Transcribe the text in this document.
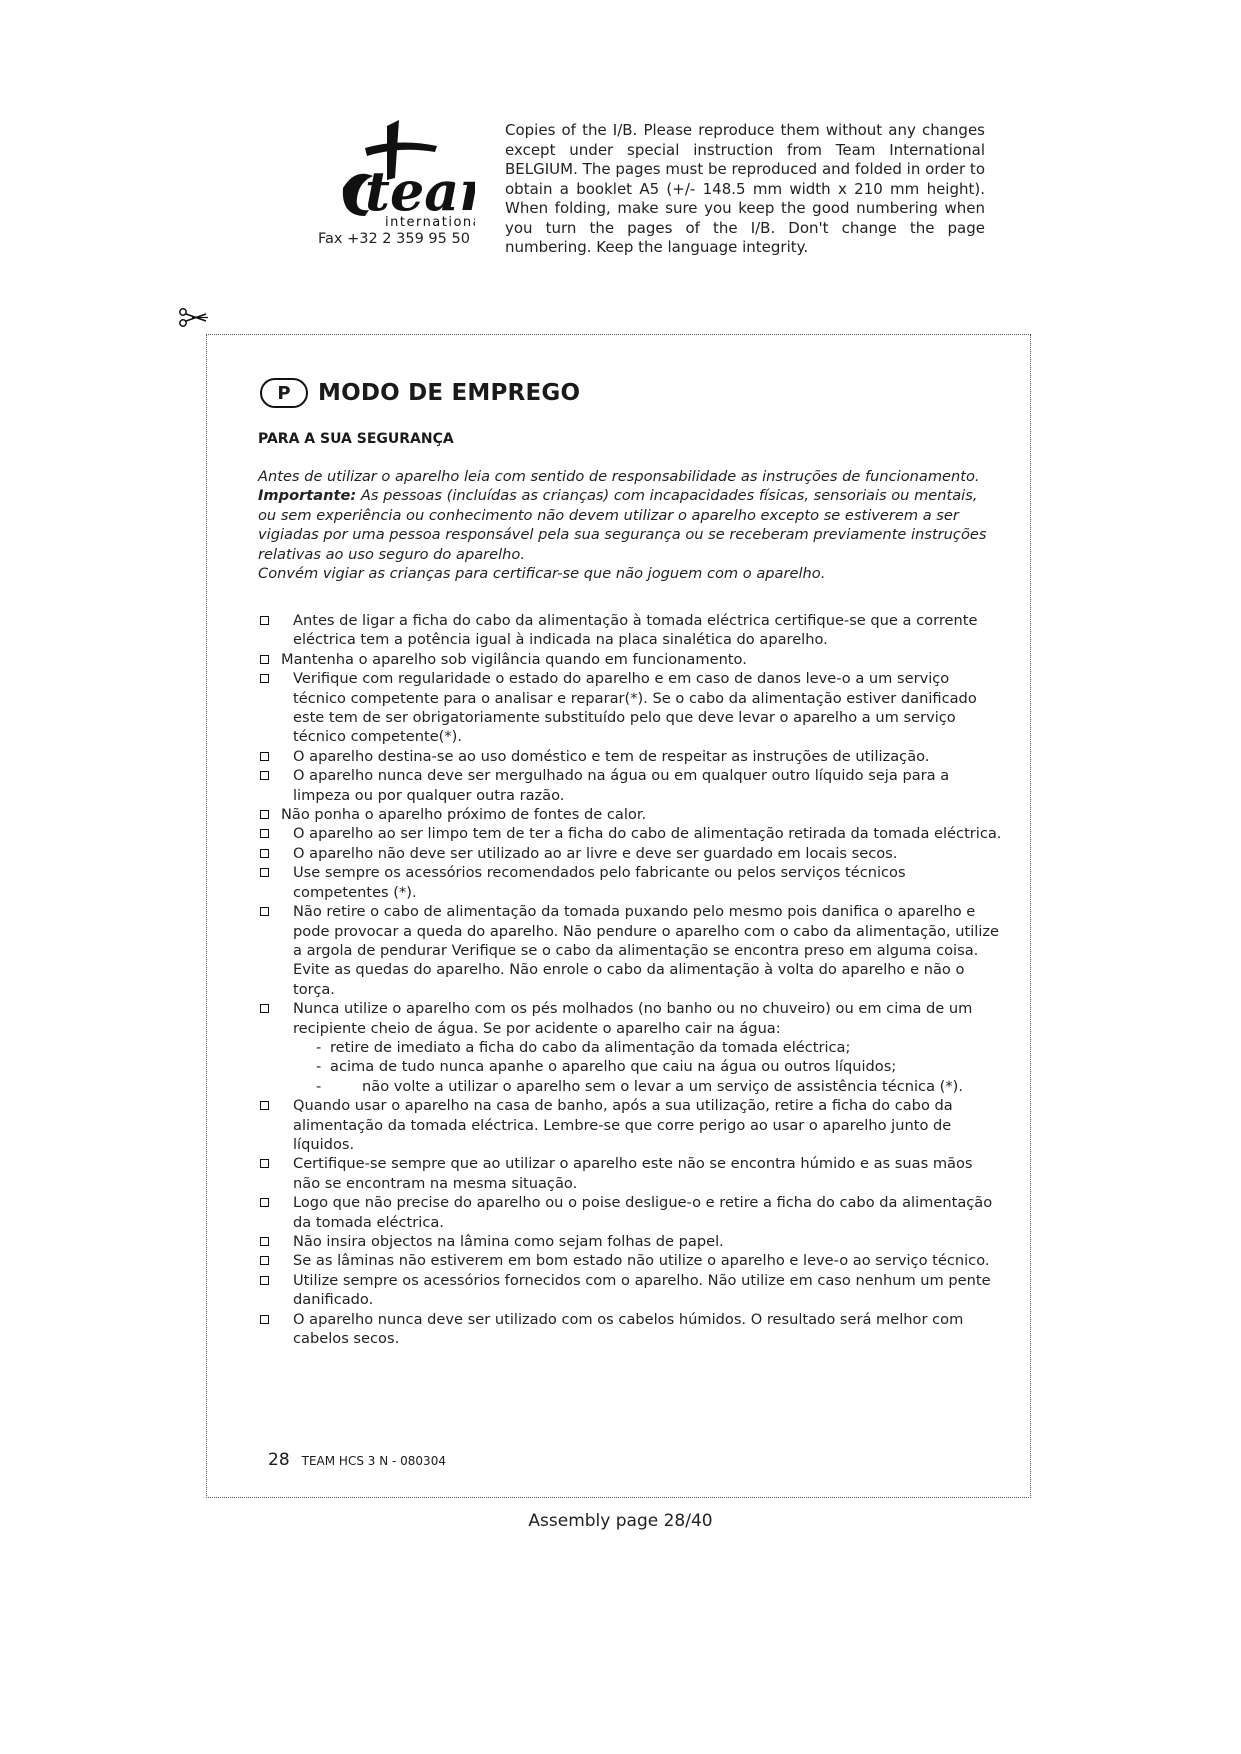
tea
internation
Fax +32 2 359 95 50
Copies of the I/B. Please reproduce them without any changes except under special instruction from Team International BELGIUM. The pages must be reproduced and folded in order to obtain a booklet A5 (+/- 148.5 mm width x 210 mm height). When folding, make sure you keep the good numbering when you turn the pages of the I/B. Don't change the page numbering. Keep the language integrity.
P	MODO DE EMPREGO
PARA A SUA SEGURANÇA

Antes de utilizar o aparelho leia com sentido de responsabilidade as instruções de funcionamento.

Importante: As pessoas (incluídas as crianças) com incapacidades físicas, sensoriais ou mentais, ou sem experiência ou conhecimento não devem utilizar o aparelho excepto se estiverem a ser vigiadas por uma pessoa responsável pela sua segurança ou se receberam previamente instruções relativas ao uso seguro do aparelho.

Convém vigiar as crianças para certificar-se que não joguem com o aparelho.

Antes de ligar a ficha do cabo da alimentação à tomada eléctrica certifique-se que a corrente eléctrica tem a potência igual à indicada na placa sinalética do aparelho.
Mantenha o aparelho sob vigilância quando em funcionamento.
Verifique com regularidade o estado do aparelho e em caso de danos leve-o a um serviço técnico competente para o analisar e reparar(*). Se o cabo da alimentação estiver danificado este tem de ser obrigatoriamente substituído pelo que deve levar o aparelho a um serviço técnico competente(*).
O aparelho destina-se ao uso doméstico e tem de respeitar as instruções de utilização.
O aparelho nunca deve ser mergulhado na água ou em qualquer outro líquido seja para a limpeza ou por qualquer outra razão.
Não ponha o aparelho próximo de fontes de calor.
O aparelho ao ser limpo tem de ter a ficha do cabo de alimentação retirada da tomada eléctrica.
O aparelho não deve ser utilizado ao ar livre e deve ser guardado em locais secos.
Use sempre os acessórios recomendados pelo fabricante ou pelos serviços técnicos competentes (*).
Não retire o cabo de alimentação da tomada puxando pelo mesmo pois danifica o aparelho e pode provocar a queda do aparelho. Não pendure o aparelho com o cabo da alimentação, utilize a argola de pendurar Verifique se o cabo da alimentação se encontra preso em alguma coisa. Evite as quedas do aparelho. Não enrole o cabo da alimentação à volta do aparelho e não o torça.
Nunca utilize o aparelho com os pés molhados (no banho ou no chuveiro) ou em cima de um recipiente cheio de água. Se por acidente o aparelho cair na água:
- retire de imediato a ficha do cabo da alimentação da tomada eléctrica;
- acima de tudo nunca apanhe o aparelho que caiu na água ou outros líquidos;
-	não volte a utilizar o aparelho sem o levar a um serviço de assistência técnica (*).
Quando usar o aparelho na casa de banho, após a sua utilização, retire a ficha do cabo da alimentação da tomada eléctrica. Lembre-se que corre perigo ao usar o aparelho junto de líquidos.
Certifique-se sempre que ao utilizar o aparelho este não se encontra húmido e as suas mãos não se encontram na mesma situação.
Logo que não precise do aparelho ou o poise desligue-o e retire a ficha do cabo da alimentação da tomada eléctrica.
Não insira objectos na lâmina como sejam folhas de papel.
Se as lâminas não estiverem em bom estado não utilize o aparelho e leve-o ao serviço técnico.
Utilize sempre os acessórios fornecidos com o aparelho. Não utilize em caso nenhum um pente danificado.
O aparelho nunca deve ser utilizado com os cabelos húmidos. O resultado será melhor com cabelos secos.
28 TEAM HCS 3 N - 080304
Assembly page 28/40
